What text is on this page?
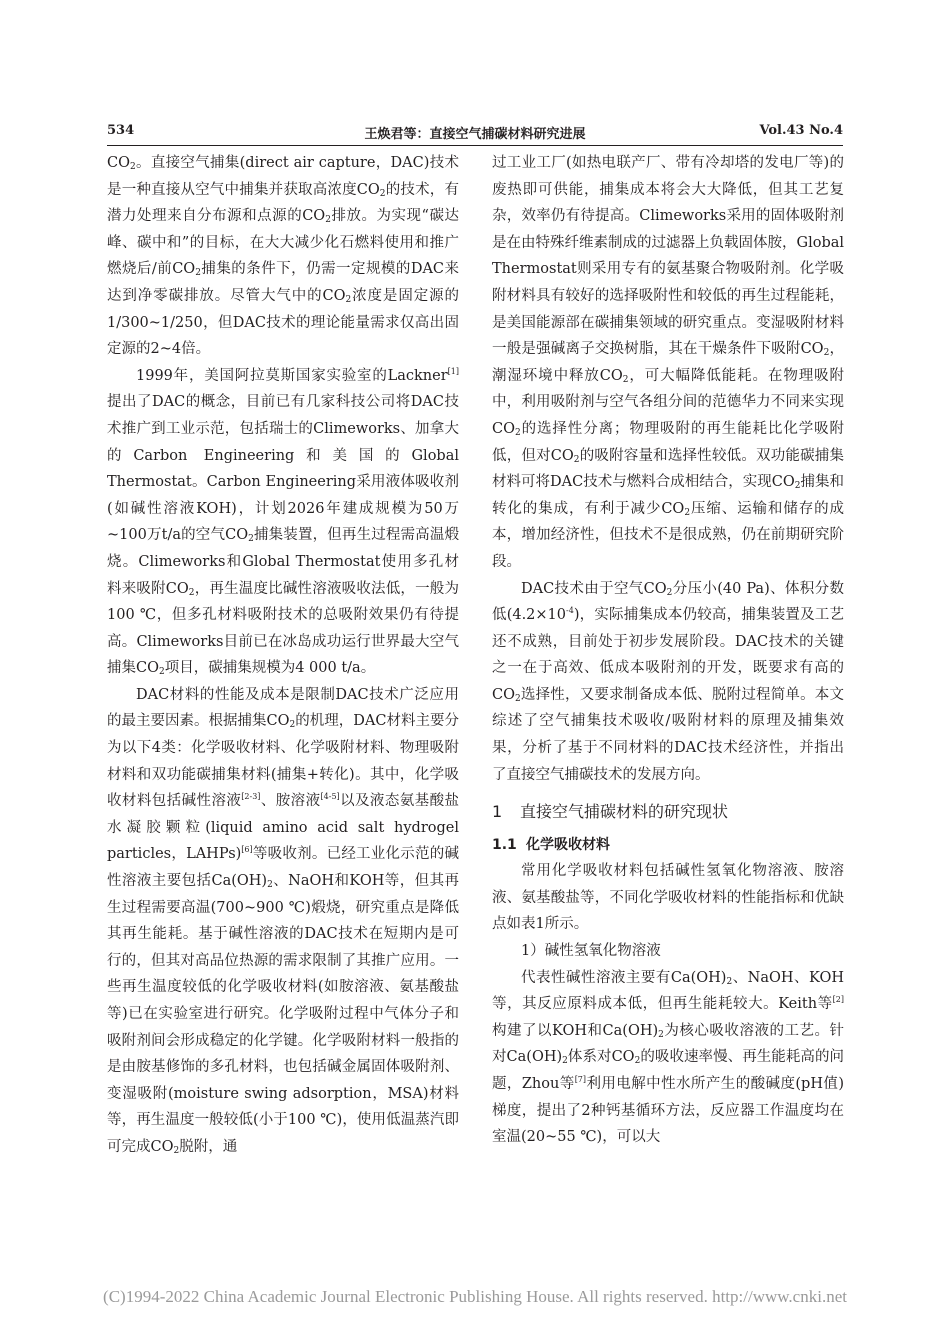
534	王焕君等：直接空气捕碳材料研究进展	Vol.43 No.4

$CO_2$。直接空气捕集(direct air capture，DAC)技术是一种直接从空气中捕集并获取高浓度$CO_2$的技术，有潜力处理来自分布源和点源的$CO_2$排放。为实现“碳达峰、碳中和”的目标，在大大减少化石燃料使用和推广燃烧后/前$CO_2$捕集的条件下，仍需一定规模的DAC来达到净零碳排放。尽管大气中的$CO_2$浓度是固定源的1/300~1/250，但DAC技术的理论能量需求仅高出固定源的2~4倍。

1999年，美国阿拉莫斯国家实验室的Lackner[1]提出了DAC的概念，目前已有几家科技公司将DAC技术推广到工业示范，包括瑞士的Climeworks、加拿大的Carbon Engineering和美国的Global Thermostat。Carbon Engineering采用液体吸收剂(如碱性溶液KOH)，计划2026年建成规模为50万~100万t/a的空气$CO_2$捕集装置，但再生过程需高温煅烧。Climeworks和Global Thermostat使用多孔材料来吸附$CO_2$，再生温度比碱性溶液吸收法低，一般为100 ℃，但多孔材料吸附技术的总吸附效果仍有待提高。Climeworks目前已在冰岛成功运行世界最大空气捕集$CO_2$项目，碳捕集规模为4 000 t/a。

DAC材料的性能及成本是限制DAC技术广泛应用的最主要因素。根据捕集$CO_2$的机理，DAC材料主要分为以下4类：化学吸收材料、化学吸附材料、物理吸附材料和双功能碳捕集材料(捕集+转化)。其中，化学吸收材料包括碱性溶液[2-3]、胺溶液[4-5]以及液态氨基酸盐水凝胶颗粒(liquid amino acid salt hydrogel particles，LAHPs)[6]等吸收剂。已经工业化示范的碱性溶液主要包括$Ca(OH)_2$、NaOH和KOH等，但其再生过程需要高温(700~900 ℃)煅烧，研究重点是降低其再生能耗。基于碱性溶液的DAC技术在短期内是可行的，但其对高品位热源的需求限制了其推广应用。一些再生温度较低的化学吸收材料(如胺溶液、氨基酸盐等)已在实验室进行研究。化学吸附过程中气体分子和吸附剂间会形成稳定的化学键。化学吸附材料一般指的是由胺基修饰的多孔材料，也包括碱金属固体吸附剂、变湿吸附(moisture swing adsorption，MSA)材料等，再生温度一般较低(小于100 ℃)，使用低温蒸汽即可完成$CO_2$脱附，通

过工业工厂(如热电联产厂、带有冷却塔的发电厂等)的废热即可供能，捕集成本将会大大降低，但其工艺复杂，效率仍有待提高。Climeworks采用的固体吸附剂是在由特殊纤维素制成的过滤器上负载固体胺，Global Thermostat则采用专有的氨基聚合物吸附剂。化学吸附材料具有较好的选择吸附性和较低的再生过程能耗，是美国能源部在碳捕集领域的研究重点。变湿吸附材料一般是强碱离子交换树脂，其在干燥条件下吸附$CO_2$，潮湿环境中释放$CO_2$，可大幅降低能耗。在物理吸附中，利用吸附剂与空气各组分间的范德华力不同来实现$CO_2$的选择性分离；物理吸附的再生能耗比化学吸附低，但对$CO_2$的吸附容量和选择性较低。双功能碳捕集材料可将DAC技术与燃料合成相结合，实现$CO_2$捕集和转化的集成，有利于减少$CO_2$压缩、运输和储存的成本，增加经济性，但技术不是很成熟，仍在前期研究阶段。

DAC技术由于空气$CO_2$分压小(40 Pa)、体积分数低$(4.2\times 10^{-4})$，实际捕集成本仍较高，捕集装置及工艺还不成熟，目前处于初步发展阶段。DAC技术的关键之一在于高效、低成本吸附剂的开发，既要求有高的$CO_2$选择性，又要求制备成本低、脱附过程简单。本文综述了空气捕集技术吸收/吸附材料的原理及捕集效果，分析了基于不同材料的DAC技术经济性，并指出了直接空气捕碳技术的发展方向。

1 直接空气捕碳材料的研究现状
1.1 化学吸收材料

常用化学吸收材料包括碱性氢氧化物溶液、胺溶液、氨基酸盐等，不同化学吸收材料的性能指标和优缺点如表1所示。

1）碱性氢氧化物溶液

代表性碱性溶液主要有$Ca(OH)_2$、NaOH、KOH等，其反应原料成本低，但再生能耗较大。Keith等[2]构建了以KOH和$Ca(OH)_2$为核心吸收溶液的工艺。针对$Ca(OH)_2$体系对$CO_2$的吸收速率慢、再生能耗高的问题，Zhou等[7]利用电解中性水所产生的酸碱度(pH值)梯度，提出了2种钙基循环方法，反应器工作温度均在室温(20~55 ℃)，可以大

(C)1994-2022 China Academic Journal Electronic Publishing House. All rights reserved. http://www.cnki.net
